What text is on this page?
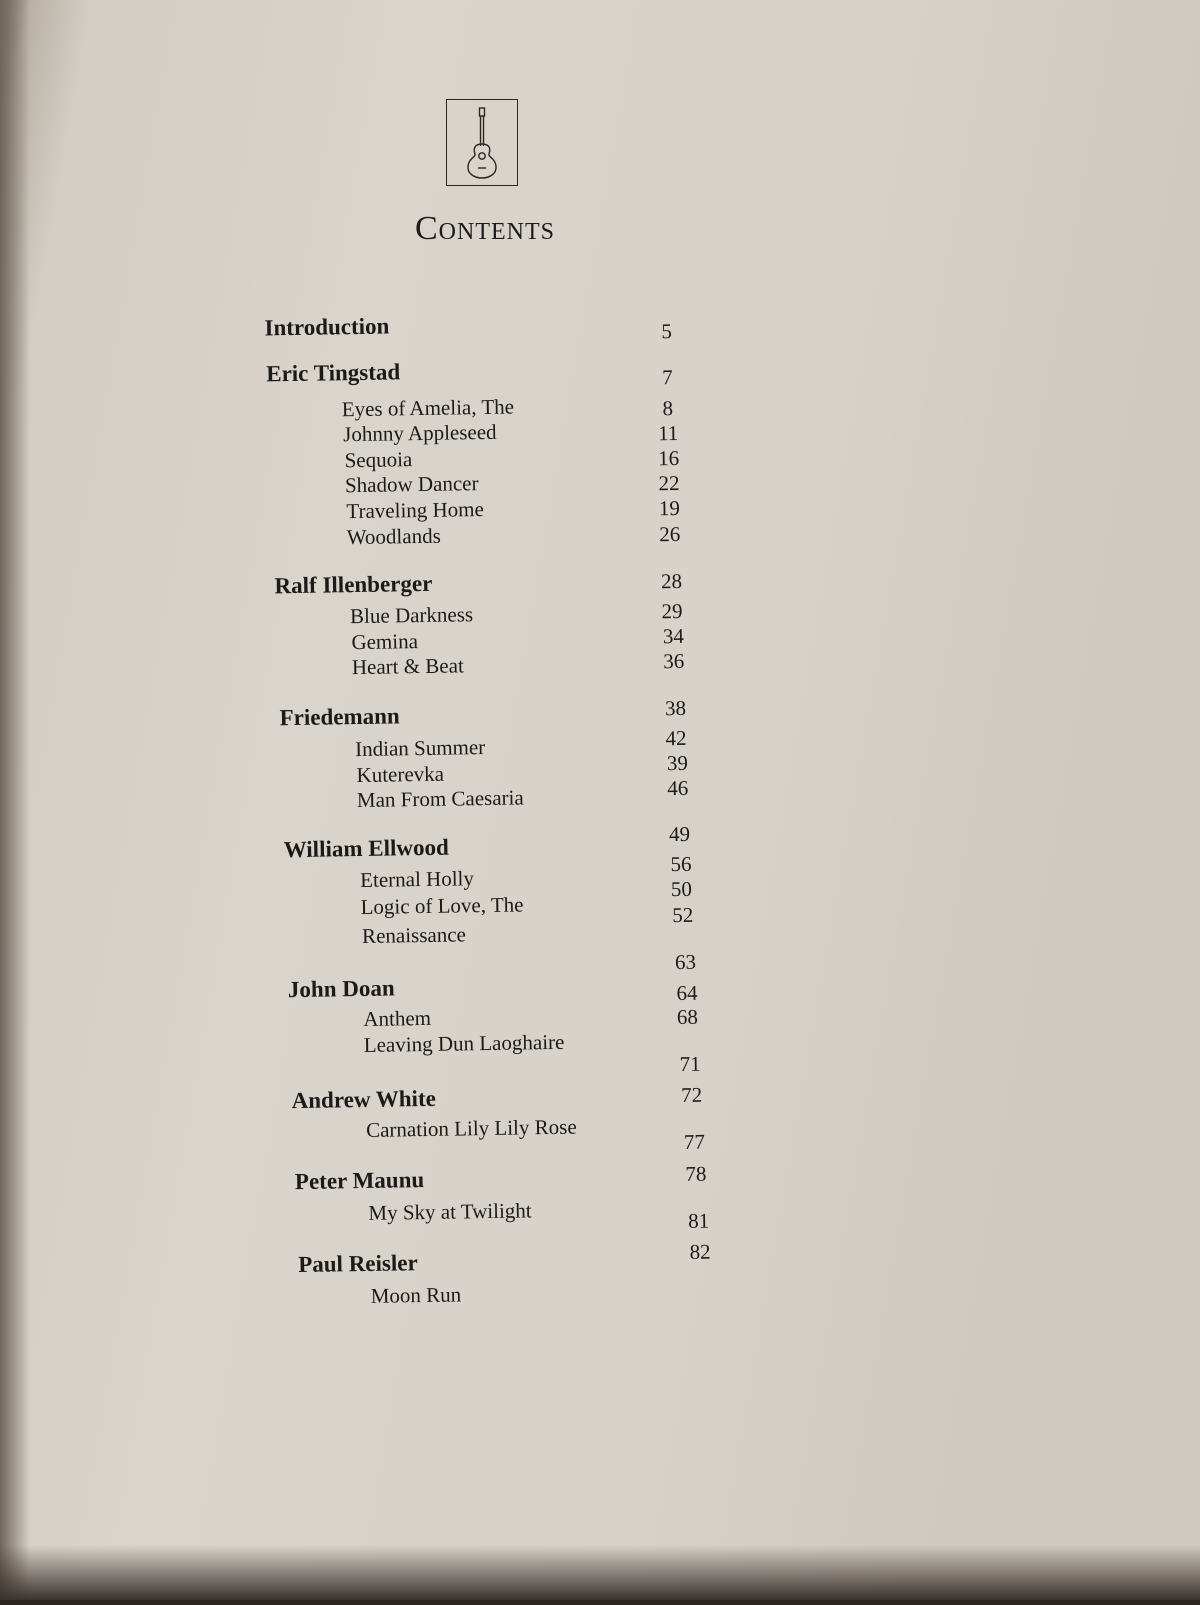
Contents
Introduction
Eric Tingstad
Eyes of Amelia, The
Johnny Appleseed
Sequoia
Shadow Dancer
Traveling Home
Woodlands
Ralf Illenberger
Blue Darkness
Gemina
Heart & Beat
Friedemann
Indian Summer
Kuterevka
Man From Caesaria
William Ellwood
Eternal Holly
Logic of Love, The
Renaissance
John Doan
Anthem
Leaving Dun Laoghaire
Andrew White
Carnation Lily Lily Rose
Peter Maunu
My Sky at Twilight
Paul Reisler
Moon Run
5
7
8
11
16
22
19
26
28
29
34
36
38
42
39
46
49
56
50
52
63
64
68
71
72
77
78
81
82
